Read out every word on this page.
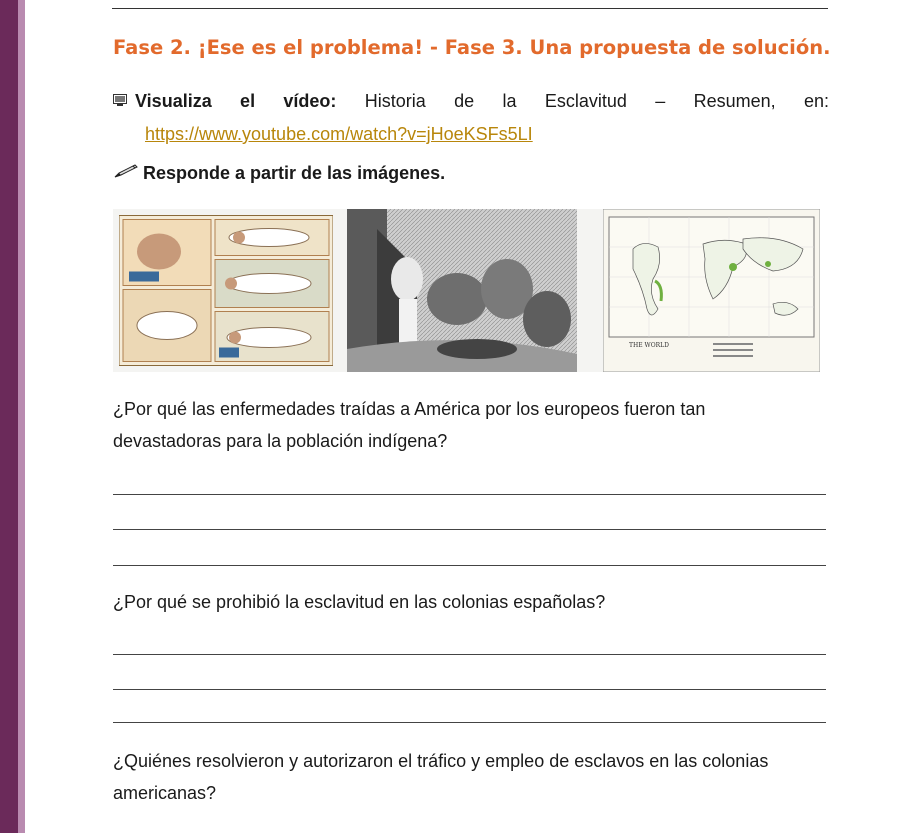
Fase 2. ¡Ese es el problema! - Fase 3. Una propuesta de solución.
Visualiza el vídeo: Historia de la Esclavitud – Resumen, en:
https://www.youtube.com/watch?v=jHoeKSFs5LI
Responde a partir de las imágenes.
THE WORLD
¿Por qué las enfermedades traídas a América por los europeos fueron tan
devastadoras para la población indígena?
¿Por qué se prohibió la esclavitud en las colonias españolas?
¿Quiénes resolvieron y autorizaron el tráfico y empleo de esclavos en las colonias
americanas?
